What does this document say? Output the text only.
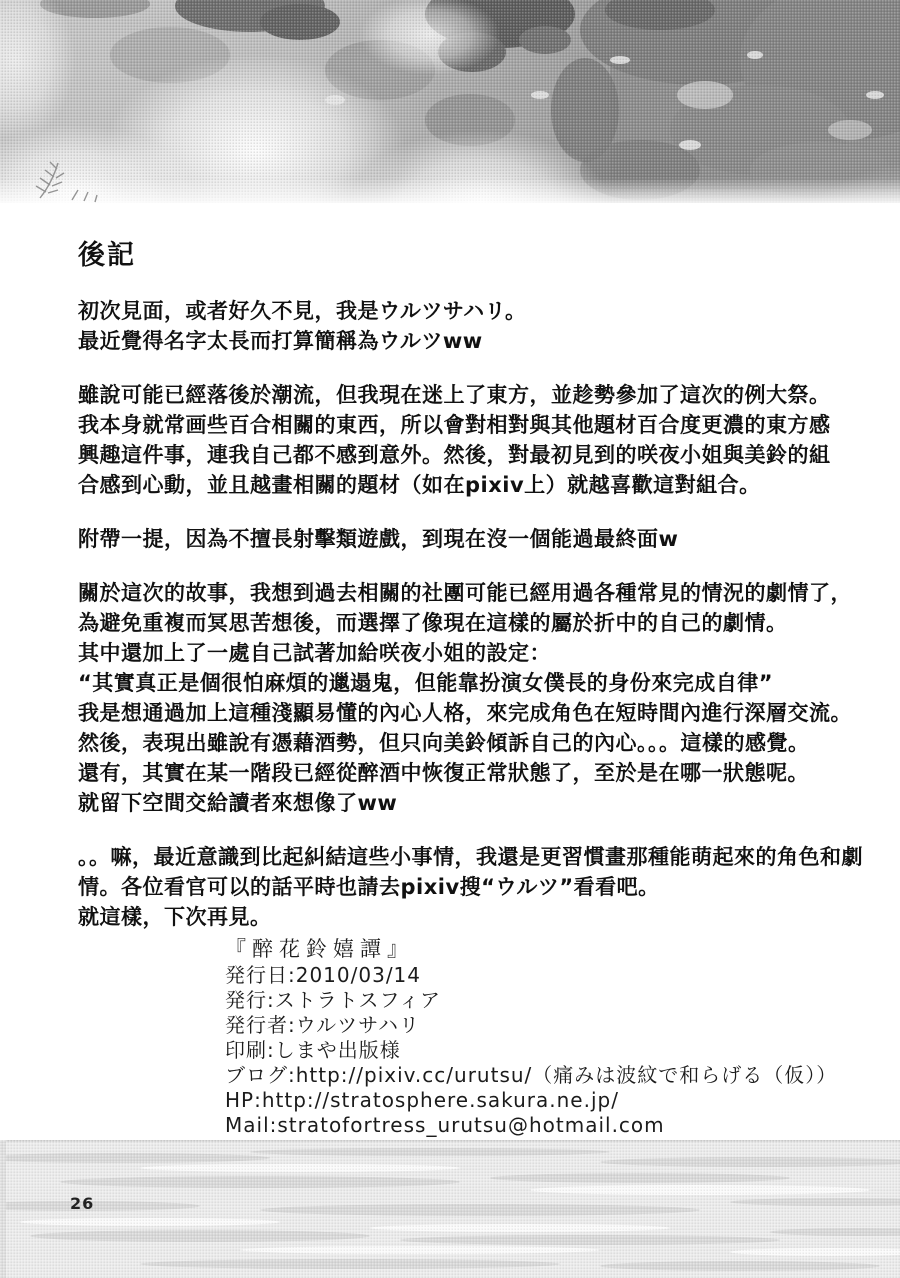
後記
初次見面，或者好久不見，我是ウルツサハリ。
最近覺得名字太長而打算簡稱為ウルツww
雖說可能已經落後於潮流，但我現在迷上了東方，並趁勢參加了這次的例大祭。
我本身就常画些百合相關的東西，所以會對相對與其他題材百合度更濃的東方感
興趣這件事，連我自己都不感到意外。然後，對最初見到的咲夜小姐與美鈴的組
合感到心動，並且越畫相關的題材（如在pixiv上）就越喜歡這對組合。
附帶一提，因為不擅長射擊類遊戲，到現在沒一個能過最終面w
關於這次的故事，我想到過去相關的社團可能已經用過各種常見的情況的劇情了，
為避免重複而冥思苦想後，而選擇了像現在這樣的屬於折中的自己的劇情。
其中還加上了一處自己試著加給咲夜小姐的設定：
“其實真正是個很怕麻煩的邋遢鬼，但能靠扮演女僕長的身份來完成自律”
我是想通過加上這種淺顯易懂的內心人格，來完成角色在短時間內進行深層交流。
然後，表現出雖說有憑藉酒勢，但只向美鈴傾訴自己的內心。。。這樣的感覺。
還有，其實在某一階段已經從醉酒中恢復正常狀態了，至於是在哪一狀態呢。
就留下空間交給讀者來想像了ww
。。嘛，最近意識到比起糾結這些小事情，我還是更習慣畫那種能萌起來的角色和劇
情。各位看官可以的話平時也請去pixiv搜“ウルツ”看看吧。
就這樣，下次再見。
『醉花鈴嬉譚』
発行日:2010/03/14
発行:ストラトスフィア
発行者:ウルツサハリ
印刷:しまや出版様
ブログ:http://pixiv.cc/urutsu/（痛みは波紋で和らげる（仮））
HP:http://stratosphere.sakura.ne.jp/
Mail:stratofortress_urutsu@hotmail.com
26
